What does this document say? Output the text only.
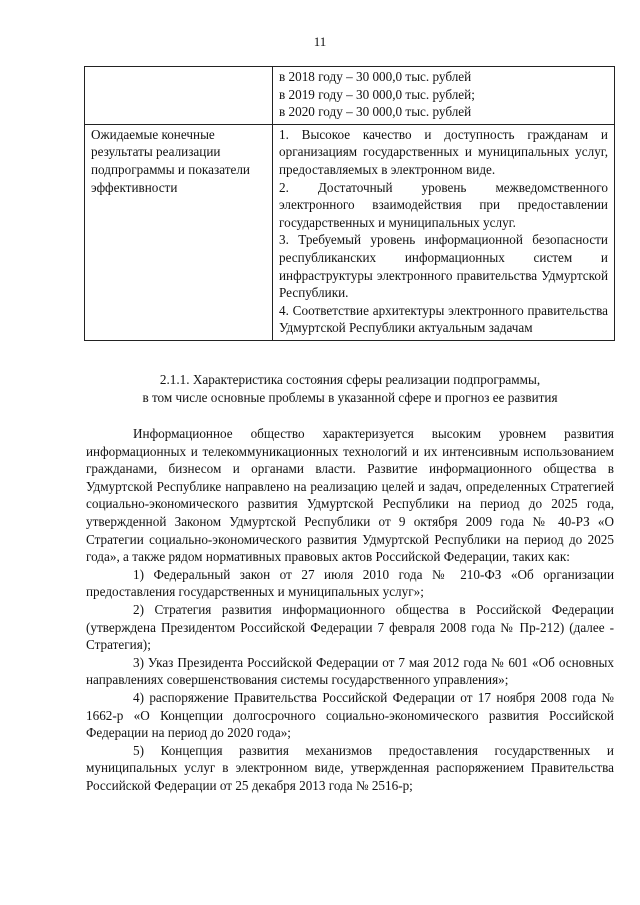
11

	в 2018 году – 30 000,0 тыс. рублей
в 2019 году – 30 000,0 тыс. рублей;
в 2020 году – 30 000,0 тыс. рублей

Ожидаемые конечные результаты реализации подпрограммы и показатели эффективности	1. Высокое качество и доступность гражданам и организациям государственных и муниципальных услуг, предоставляемых в электронном виде.
2. Достаточный уровень межведомственного электронного взаимодействия при предоставлении государственных и муниципальных услуг.
3. Требуемый уровень информационной безопасности республиканских информационных систем и инфраструктуры электронного правительства Удмуртской Республики.
4. Соответствие архитектуры электронного правительства Удмуртской Республики актуальным задачам
2.1.1. Характеристика состояния сферы реализации подпрограммы,
в том числе основные проблемы в указанной сфере и прогноз ее развития

Информационное общество характеризуется высоким уровнем развития информационных и телекоммуникационных технологий и их интенсивным использованием гражданами, бизнесом и органами власти. Развитие информационного общества в Удмуртской Республике направлено на реализацию целей и задач, определенных Стратегией социально-экономического развития Удмуртской Республики на период до 2025 года, утвержденной Законом Удмуртской Республики от 9 октября 2009 года № 40-РЗ «О Стратегии социально-экономического развития Удмуртской Республики на период до 2025 года», а также рядом нормативных правовых актов Российской Федерации, таких как:

1) Федеральный закон от 27 июля 2010 года № 210-ФЗ «Об организации предоставления государственных и муниципальных услуг»;

2) Стратегия развития информационного общества в Российской Федерации (утверждена Президентом Российской Федерации 7 февраля 2008 года № Пр-212) (далее - Стратегия);

3) Указ Президента Российской Федерации от 7 мая 2012 года № 601 «Об основных направлениях совершенствования системы государственного управления»;

4) распоряжение Правительства Российской Федерации от 17 ноября 2008 года № 1662-р «О Концепции долгосрочного социально-экономического развития Российской Федерации на период до 2020 года»;

5) Концепция развития механизмов предоставления государственных и муниципальных услуг в электронном виде, утвержденная распоряжением Правительства Российской Федерации от 25 декабря 2013 года № 2516-р;
